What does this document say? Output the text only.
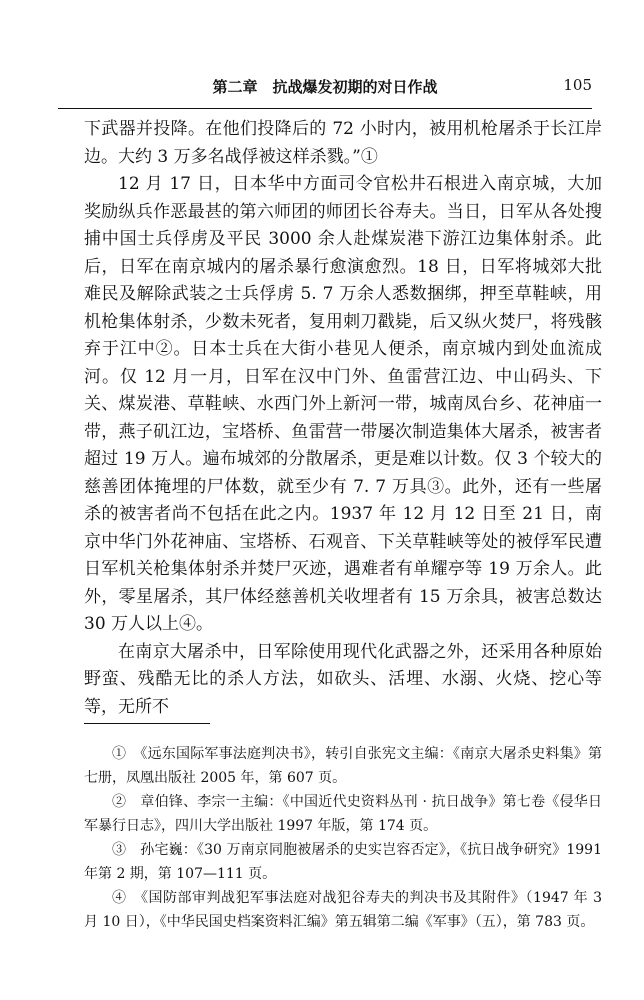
第二章　抗战爆发初期的对日作战	105

下武器并投降。在他们投降后的 72 小时内，被用机枪屠杀于长江岸边。大约 3 万多名战俘被这样杀戮。”①

12 月 17 日，日本华中方面司令官松井石根进入南京城，大加奖励纵兵作恶最甚的第六师团的师团长谷寿夫。当日，日军从各处搜捕中国士兵俘虏及平民 3000 余人赴煤炭港下游江边集体射杀。此后，日军在南京城内的屠杀暴行愈演愈烈。18 日，日军将城郊大批难民及解除武装之士兵俘虏 5. 7 万余人悉数捆绑，押至草鞋峡，用机枪集体射杀，少数未死者，复用刺刀戳毙，后又纵火焚尸，将残骸弃于江中②。日本士兵在大街小巷见人便杀，南京城内到处血流成河。仅 12 月一月，日军在汉中门外、鱼雷营江边、中山码头、下关、煤炭港、草鞋峡、水西门外上新河一带，城南凤台乡、花神庙一带，燕子矶江边，宝塔桥、鱼雷营一带屡次制造集体大屠杀，被害者超过 19 万人。遍布城郊的分散屠杀，更是难以计数。仅 3 个较大的慈善团体掩埋的尸体数，就至少有 7. 7 万具③。此外，还有一些屠杀的被害者尚不包括在此之内。1937 年 12 月 12 日至 21 日，南京中华门外花神庙、宝塔桥、石观音、下关草鞋峡等处的被俘军民遭日军机关枪集体射杀并焚尸灭迹，遇难者有单耀亭等 19 万余人。此外，零星屠杀，其尸体经慈善机关收埋者有 15 万余具，被害总数达 30 万人以上④。

在南京大屠杀中，日军除使用现代化武器之外，还采用各种原始野蛮、残酷无比的杀人方法，如砍头、活埋、水溺、火烧、挖心等等，无所不

①　《远东国际军事法庭判决书》，转引自张宪文主编：《南京大屠杀史料集》第七册，凤凰出版社 2005 年，第 607 页。

②　章伯锋、李宗一主编：《中国近代史资料丛刊 · 抗日战争》第七卷《侵华日军暴行日志》，四川大学出版社 1997 年版，第 174 页。

③　孙宅巍：《30 万南京同胞被屠杀的史实岂容否定》，《抗日战争研究》1991 年第 2 期，第 107—111 页。

④　《国防部审判战犯军事法庭对战犯谷寿夫的判决书及其附件》（1947 年 3 月 10 日），《中华民国史档案资料汇编》第五辑第二编《军事》（五），第 783 页。
